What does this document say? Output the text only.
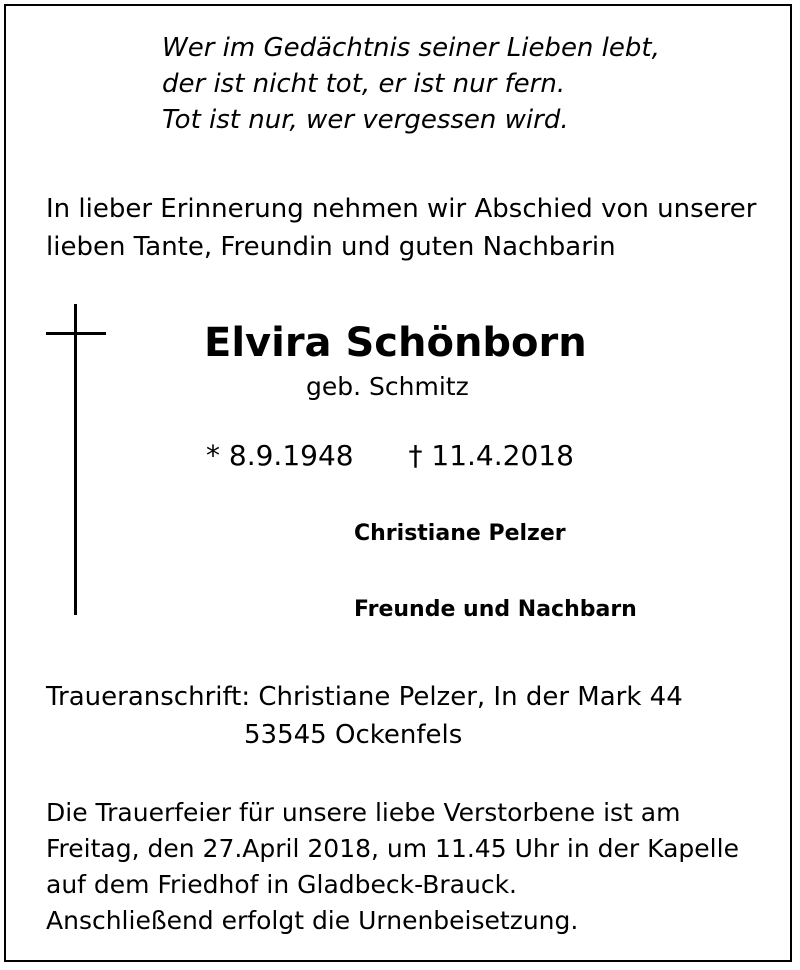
Wer im Gedächtnis seiner Lieben lebt,
der ist nicht tot, er ist nur fern.
Tot ist nur, wer vergessen wird.
In lieber Erinnerung nehmen wir Abschied von unserer
lieben Tante, Freundin und guten Nachbarin
Elvira Schönborn
geb. Schmitz
* 8.9.1948 † 11.4.2018
Christiane Pelzer
Freunde und Nachbarn
Traueranschrift: Christiane Pelzer, In der Mark 44
53545 Ockenfels
Die Trauerfeier für unsere liebe Verstorbene ist am
Freitag, den 27.April 2018, um 11.45 Uhr in der Kapelle
auf dem Friedhof in Gladbeck-Brauck.
Anschließend erfolgt die Urnenbeisetzung.
